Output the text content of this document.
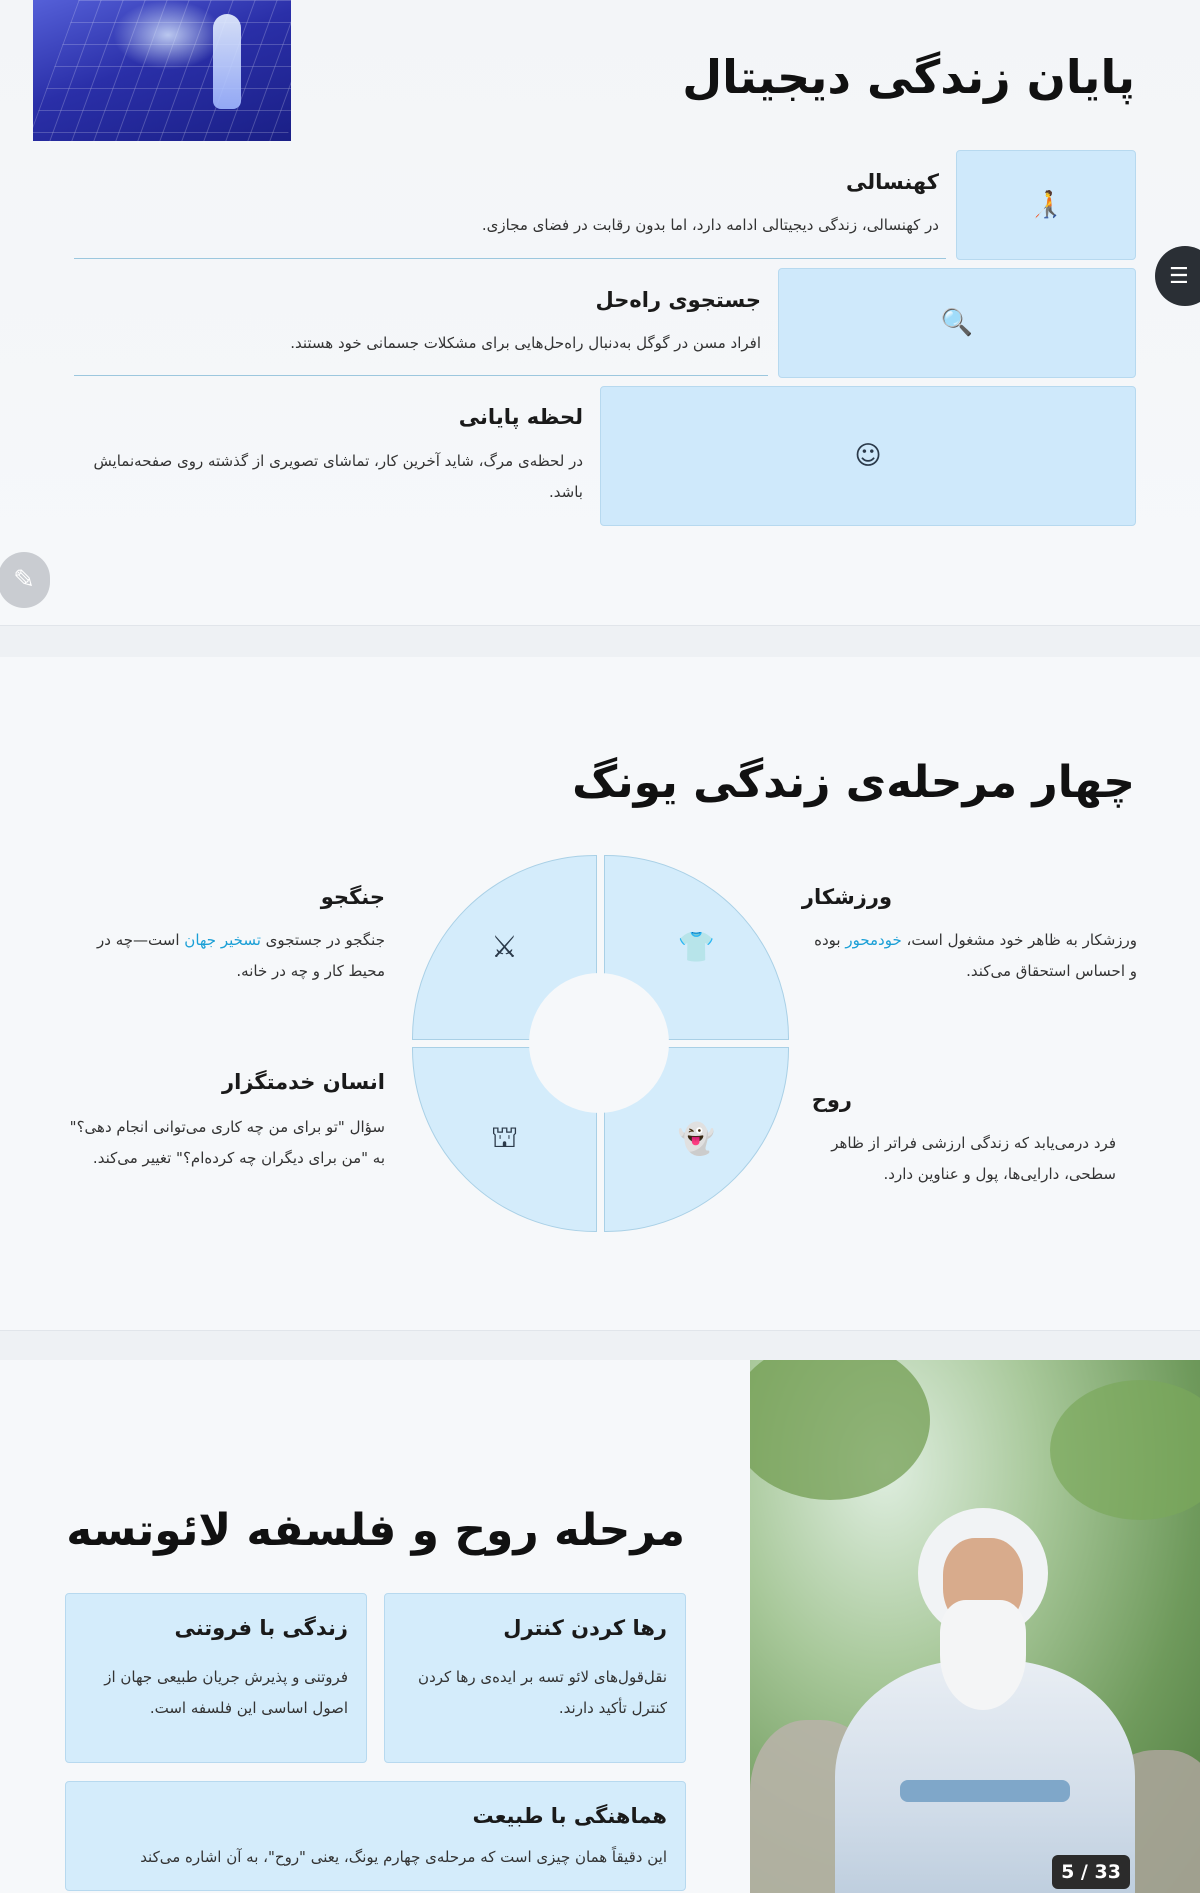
پایان زندگی دیجیتال
🧑‍🦯
کهنسالی
در کهنسالی، زندگی دیجیتالی ادامه دارد، اما بدون رقابت در فضای مجازی.
🔍
جستجوی راه‌حل
افراد مسن در گوگل به‌دنبال راه‌حل‌هایی برای مشکلات جسمانی خود هستند.
☺
لحظه پایانی
در لحظه‌ی مرگ، شاید آخرین کار، تماشای تصویری از گذشته روی صفحه‌نمایش باشد.
☰
✎
چهار مرحله‌ی زندگی یونگ
⚔	👕
⛫	👻
ورزشکار
ورزشکار به ظاهر خود مشغول است، خودمحور بوده و احساس استحقاق می‌کند.
جنگجو
جنگجو در جستجوی تسخیر جهان است—چه در محیط کار و چه در خانه.
انسان خدمتگزار
سؤال "تو برای من چه کاری می‌توانی انجام دهی؟" به "من برای دیگران چه کرده‌ام؟" تغییر می‌کند.
روح
فرد درمی‌یابد که زندگی ارزشی فراتر از ظاهر سطحی، دارایی‌ها، پول و عناوین دارد.
مرحله روح و فلسفه لائوتسه
رها کردن کنترل
نقل‌قول‌های لائو تسه بر ایده‌ی رها کردن کنترل تأکید دارند.
زندگی با فروتنی
فروتنی و پذیرش جریان طبیعی جهان از اصول اساسی این فلسفه است.
هماهنگی با طبیعت
این دقیقاً همان چیزی است که مرحله‌ی چهارم یونگ، یعنی "روح"، به آن اشاره می‌کند
5 / 33
